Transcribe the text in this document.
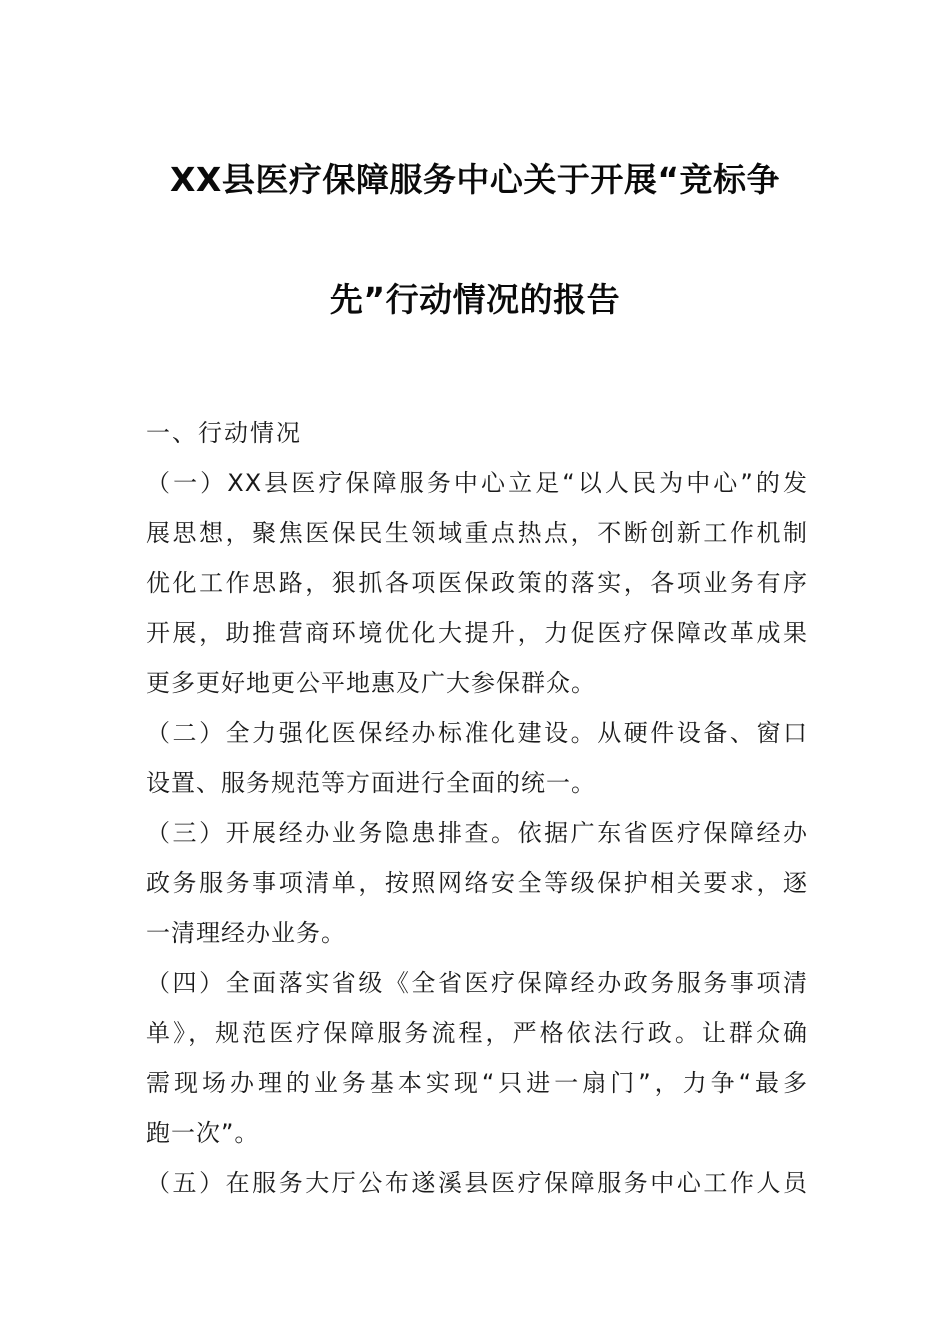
XX县医疗保障服务中心关于开展“竞标争
先”行动情况的报告

一、行动情况

（一）XX县医疗保障服务中心立足“以人民为中心”的发
展思想，聚焦医保民生领域重点热点，不断创新工作机制
优化工作思路，狠抓各项医保政策的落实，各项业务有序
开展，助推营商环境优化大提升，力促医疗保障改革成果
更多更好地更公平地惠及广大参保群众。

（二）全力强化医保经办标准化建设。从硬件设备、窗口
设置、服务规范等方面进行全面的统一。

（三）开展经办业务隐患排查。依据广东省医疗保障经办
政务服务事项清单，按照网络安全等级保护相关要求，逐
一清理经办业务。

（四）全面落实省级《全省医疗保障经办政务服务事项清
单》，规范医疗保障服务流程，严格依法行政。让群众确
需现场办理的业务基本实现“只进一扇门”，力争“最多
跑一次”。

（五）在服务大厅公布遂溪县医疗保障服务中心工作人员
